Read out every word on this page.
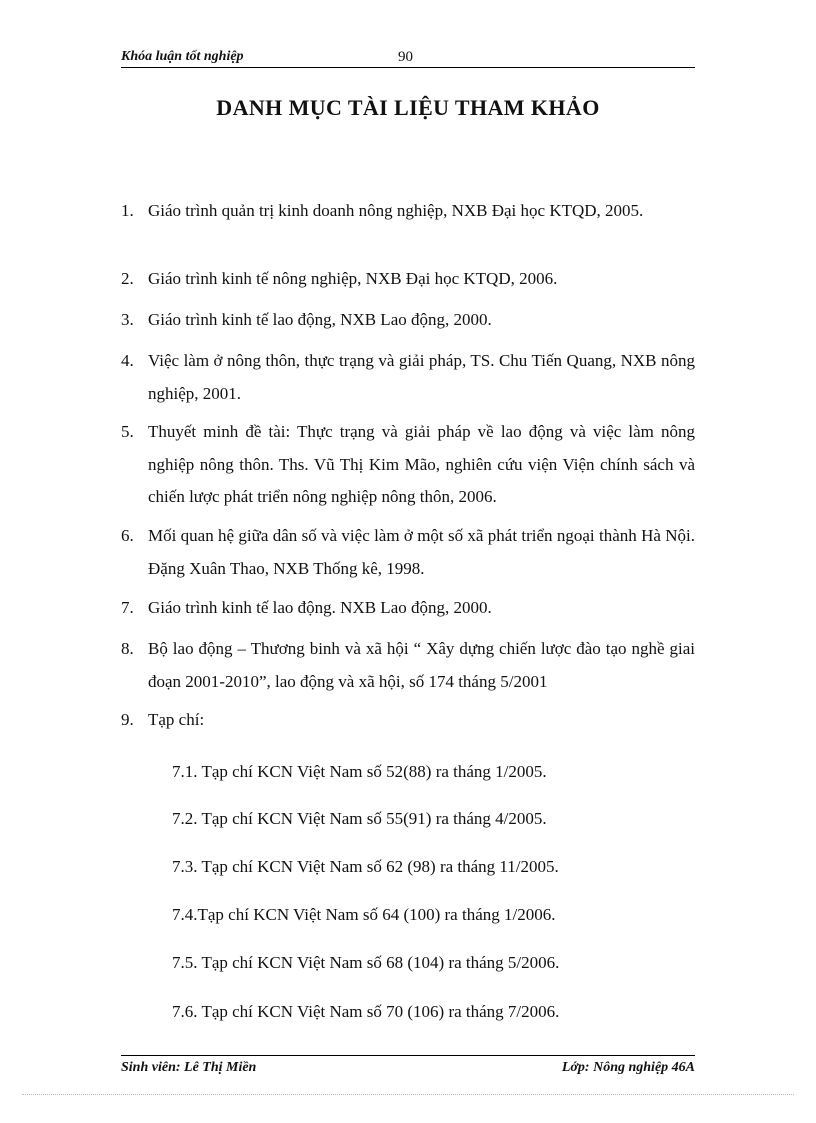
Khóa luận tốt nghiệp	90
DANH MỤC TÀI LIỆU THAM KHẢO
1. Giáo trình quản trị kinh doanh nông nghiệp, NXB Đại học KTQD, 2005.
2. Giáo trình kinh tế nông nghiệp, NXB Đại học KTQD, 2006.
3. Giáo trình kinh tế lao động, NXB Lao động, 2000.
4. Việc làm ở nông thôn, thực trạng và giải pháp, TS. Chu Tiến Quang, NXB nông nghiệp, 2001.
5. Thuyết minh đề tài: Thực trạng và giải pháp về lao động và việc làm nông nghiệp nông thôn. Ths. Vũ Thị Kim Mão, nghiên cứu viện Viện chính sách và chiến lược phát triển nông nghiệp nông thôn, 2006.
6. Mối quan hệ giữa dân số và việc làm ở một số xã phát triển ngoại thành Hà Nội. Đặng Xuân Thao, NXB Thống kê, 1998.
7. Giáo trình kinh tế lao động. NXB Lao động, 2000.
8. Bộ lao động – Thương binh và xã hội “ Xây dựng chiến lược đào tạo nghề giai đoạn 2001-2010”, lao động và xã hội, số 174 tháng 5/2001
9. Tạp chí:
7.1. Tạp chí KCN Việt Nam số 52(88) ra tháng 1/2005.
7.2. Tạp chí KCN Việt Nam số 55(91) ra tháng 4/2005.
7.3. Tạp chí KCN Việt Nam số 62 (98) ra tháng 11/2005.
7.4.Tạp chí KCN Việt Nam số 64 (100) ra tháng 1/2006.
7.5. Tạp chí KCN Việt Nam số 68 (104) ra tháng 5/2006.
7.6. Tạp chí KCN Việt Nam số 70 (106) ra tháng 7/2006.
Sinh viên: Lê Thị Miền	Lớp: Nông nghiệp 46A
